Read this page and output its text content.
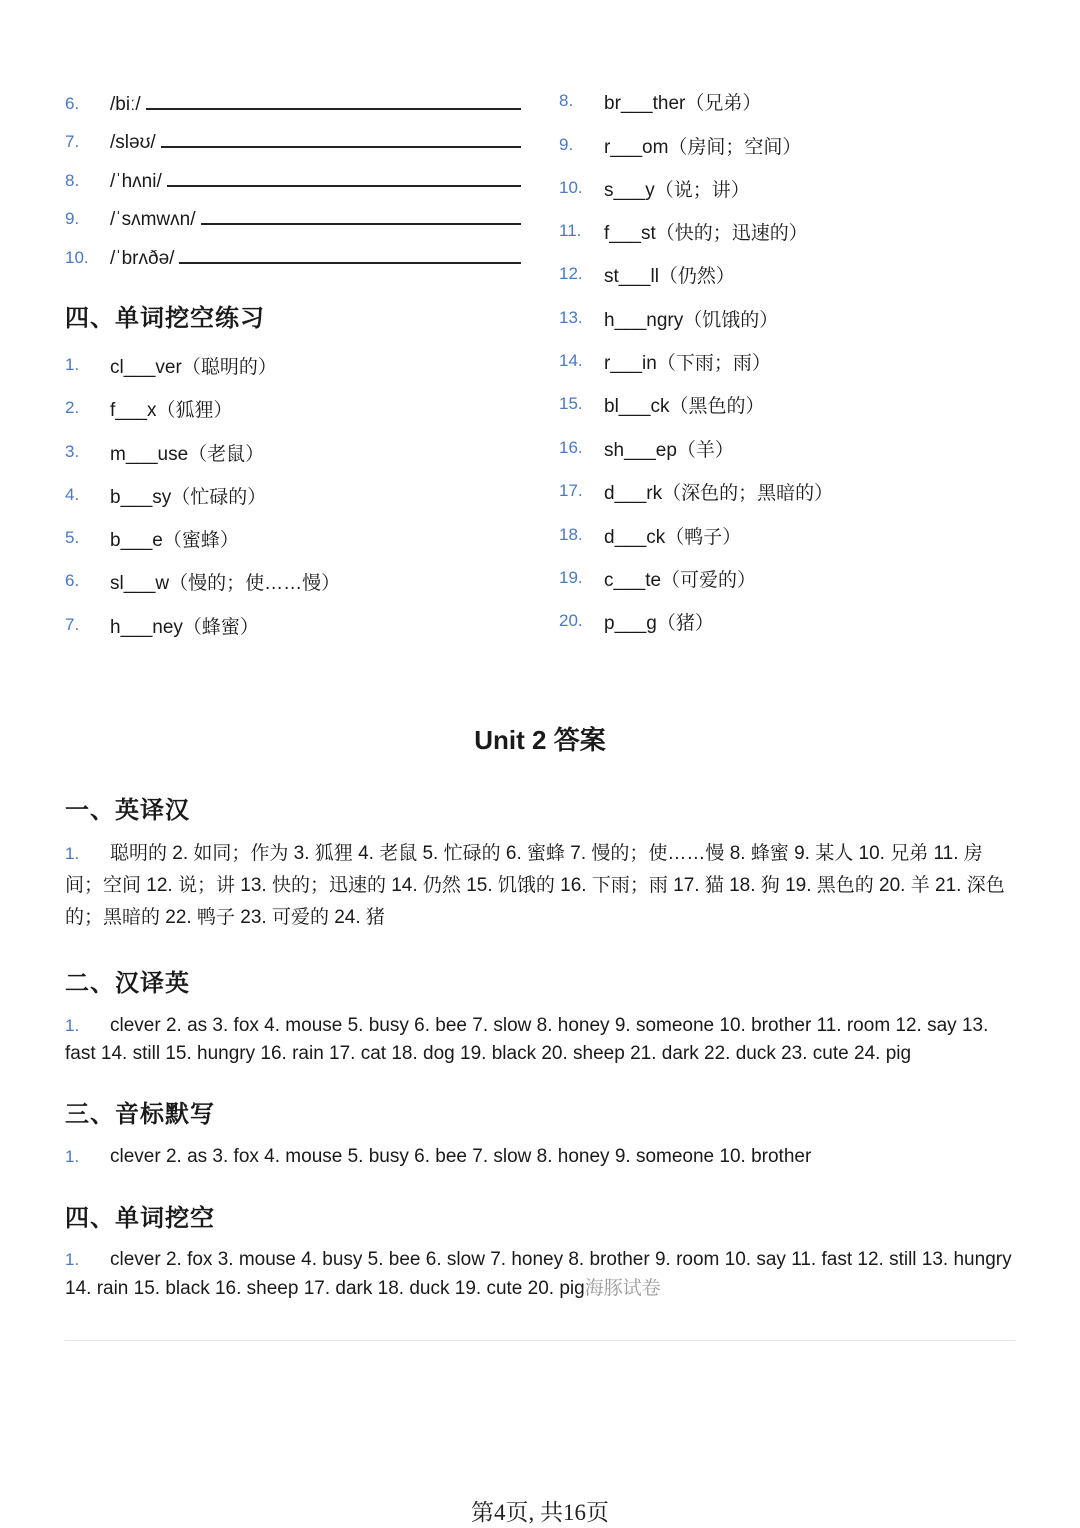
6.	/biː/
7.	/sləʊ/
8.	/ˈhʌni/
9.	/ˈsʌmwʌn/
10.	/ˈbrʌðə/
四、单词挖空练习
1.	cl___ver（聪明的）
2.	f___x（狐狸）
3.	m___use（老鼠）
4.	b___sy（忙碌的）
5.	b___e（蜜蜂）
6.	sl___w（慢的；使……慢）
7.	h___ney（蜂蜜）
8.	br___ther（兄弟）
9.	r___om（房间；空间）
10.	s___y（说；讲）
11.	f___st（快的；迅速的）
12.	st___ll（仍然）
13.	h___ngry（饥饿的）
14.	r___in（下雨；雨）
15.	bl___ck（黑色的）
16.	sh___ep（羊）
17.	d___rk（深色的；黑暗的）
18.	d___ck（鸭子）
19.	c___te（可爱的）
20.	p___g（猪）
Unit 2 答案
一、英译汉
1. 聪明的 2. 如同；作为 3. 狐狸 4. 老鼠 5. 忙碌的 6. 蜜蜂 7. 慢的；使……慢 8. 蜂蜜 9. 某人 10. 兄弟 11. 房间；空间 12. 说；讲 13. 快的；迅速的 14. 仍然 15. 饥饿的 16. 下雨；雨 17. 猫 18. 狗 19. 黑色的 20. 羊 21. 深色的；黑暗的 22. 鸭子 23. 可爱的 24. 猪
二、汉译英
1. clever 2. as 3. fox 4. mouse 5. busy 6. bee 7. slow 8. honey 9. someone 10. brother 11. room 12. say 13. fast 14. still 15. hungry 16. rain 17. cat 18. dog 19. black 20. sheep 21. dark 22. duck 23. cute 24. pig
三、音标默写
1. clever 2. as 3. fox 4. mouse 5. busy 6. bee 7. slow 8. honey 9. someone 10. brother
四、单词挖空
1. clever 2. fox 3. mouse 4. busy 5. bee 6. slow 7. honey 8. brother 9. room 10. say 11. fast 12. still 13. hungry 14. rain 15. black 16. sheep 17. dark 18. duck 19. cute 20. pig海豚试卷
第4页, 共16页
